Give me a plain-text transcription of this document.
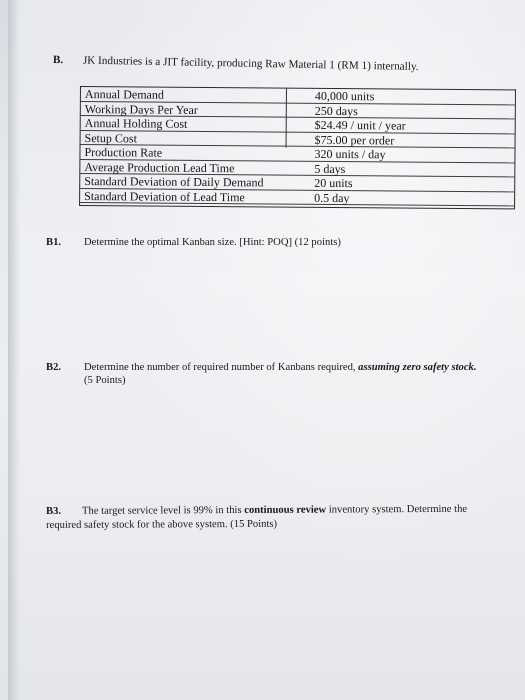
B. JK Industries is a JIT facility, producing Raw Material 1 (RM 1) internally.
Annual Demand	40,000 units
Working Days Per Year	250 days
Annual Holding Cost	$24.49 / unit / year
Setup Cost	$75.00 per order
Production Rate	320 units / day
Average Production Lead Time	5 days
Standard Deviation of Daily Demand	20 units
Standard Deviation of Lead Time	0.5 day
B1. Determine the optimal Kanban size. [Hint: POQ] (12 points)
B2. Determine the number of required number of Kanbans required, assuming zero safety stock.
(5 Points)
B3. The target service level is 99% in this continuous review inventory system. Determine the
required safety stock for the above system. (15 Points)
